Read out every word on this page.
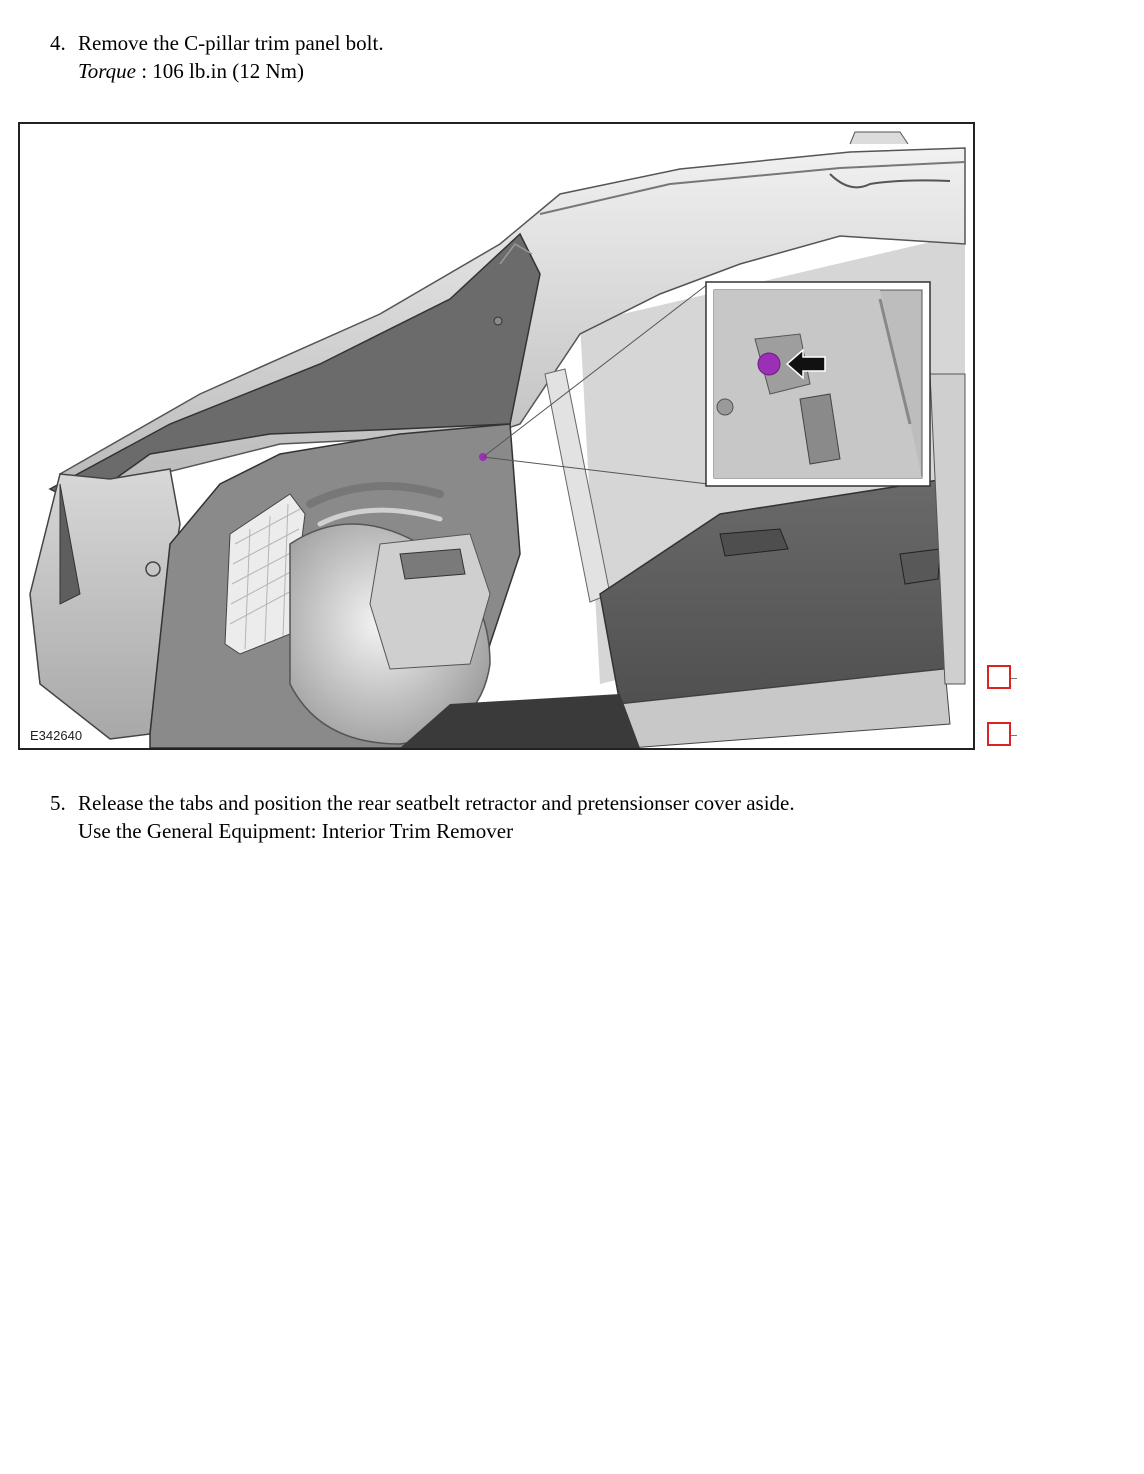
4. Remove the C-pillar trim panel bolt.
Torque : 106 lb.in (12 Nm)
E342640
5. Release the tabs and position the rear seatbelt retractor and pretensionser cover aside.
Use the General Equipment: Interior Trim Remover
